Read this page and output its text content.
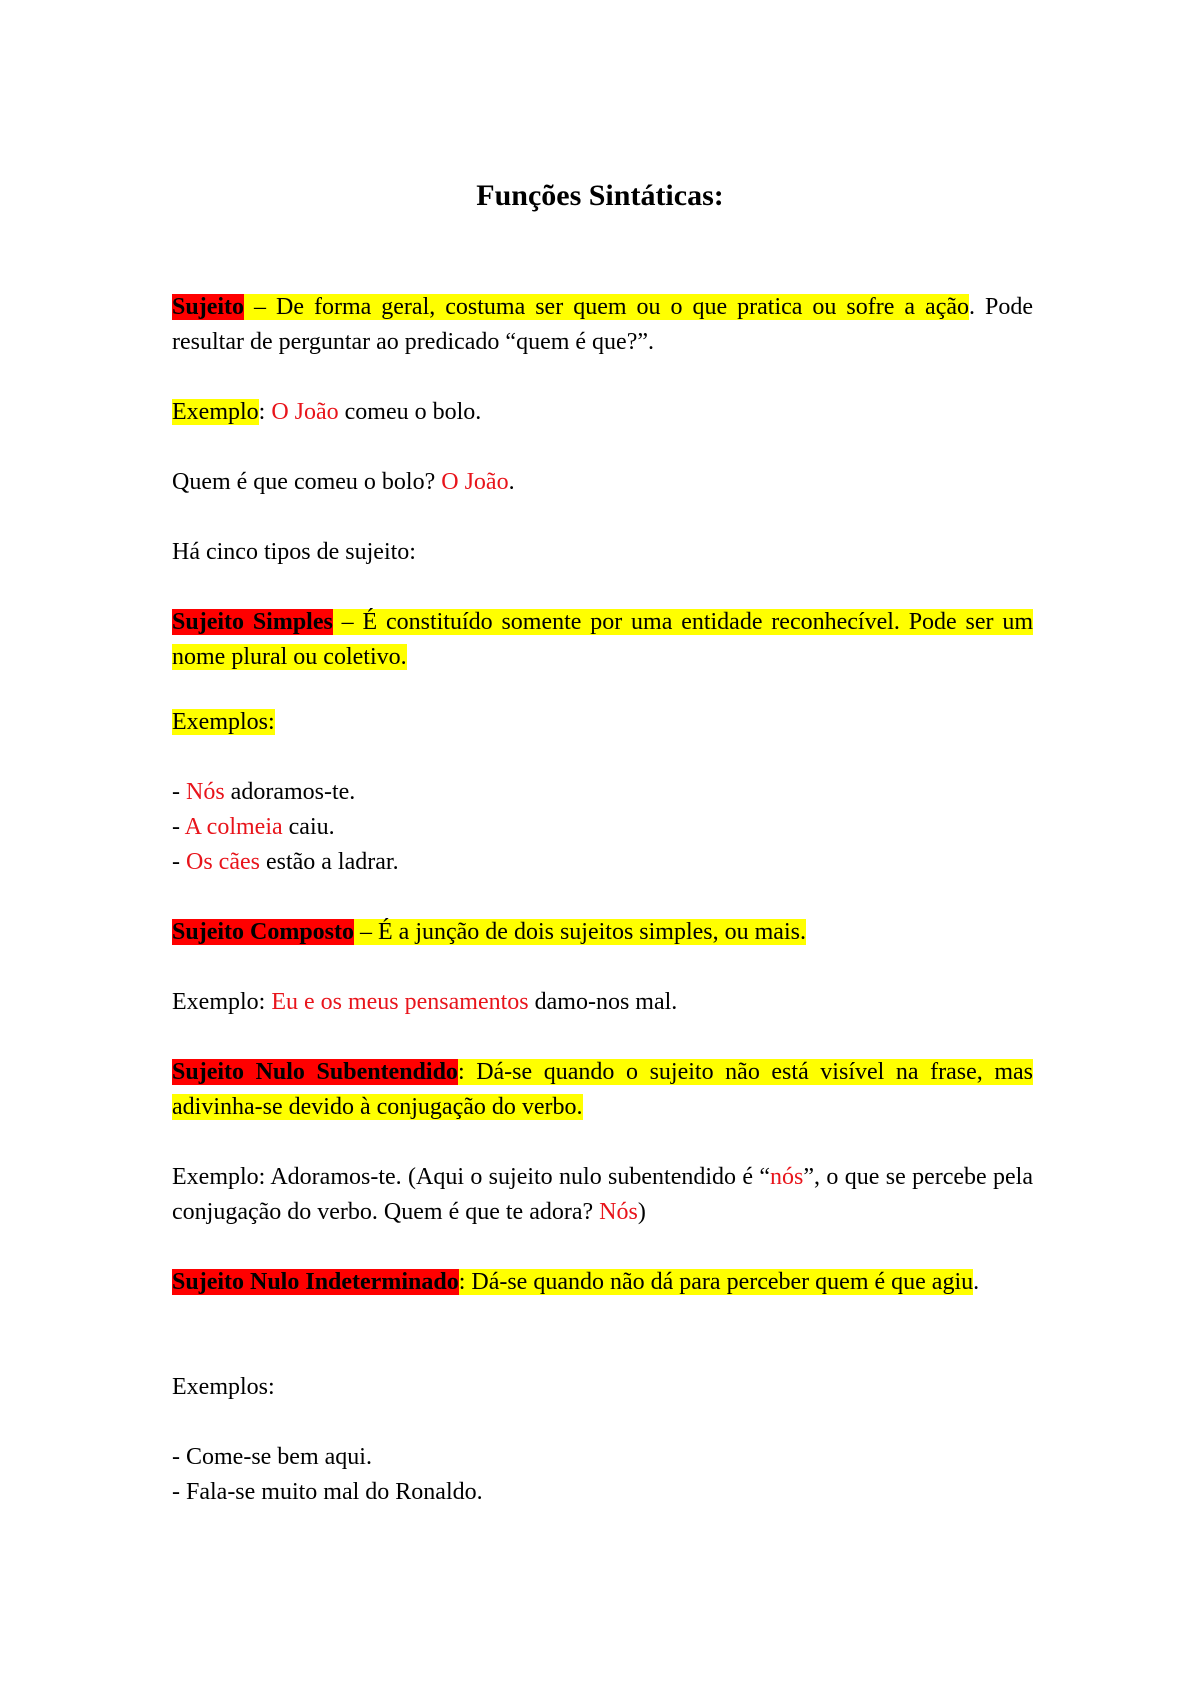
Funções Sintáticas:

Sujeito – De forma geral, costuma ser quem ou o que pratica ou sofre a ação. Pode resultar de perguntar ao predicado “quem é que?”.

Exemplo: O João comeu o bolo.

Quem é que comeu o bolo? O João.

Há cinco tipos de sujeito:

Sujeito Simples – É constituído somente por uma entidade reconhecível. Pode ser um nome plural ou coletivo.

Exemplos:

- Nós adoramos-te.
- A colmeia caiu.
- Os cães estão a ladrar.

Sujeito Composto – É a junção de dois sujeitos simples, ou mais.

Exemplo: Eu e os meus pensamentos damo-nos mal.

Sujeito Nulo Subentendido: Dá-se quando o sujeito não está visível na frase, mas adivinha-se devido à conjugação do verbo.

Exemplo: Adoramos-te. (Aqui o sujeito nulo subentendido é “nós”, o que se percebe pela conjugação do verbo. Quem é que te adora? Nós)

Sujeito Nulo Indeterminado: Dá-se quando não dá para perceber quem é que agiu.

Exemplos:

- Come-se bem aqui.
- Fala-se muito mal do Ronaldo.
